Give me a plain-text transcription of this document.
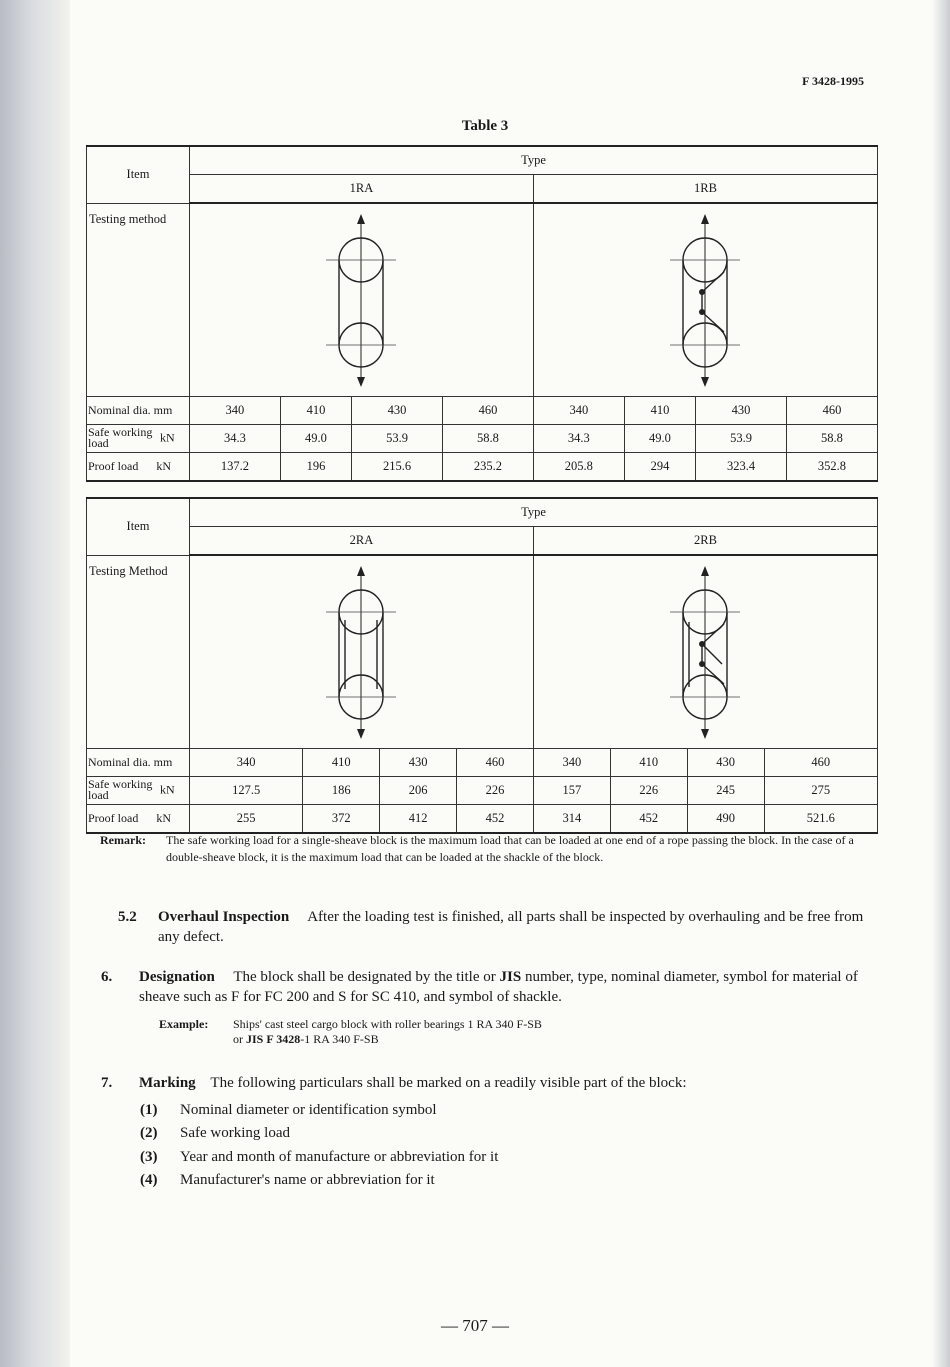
F 3428-1995
Table 3
Item	Type							
	1RA				1RB			
Testing method	

Nominal dia. mm	340	410	430	460	340	410	430	460
Safe working load kN	34.3	49.0	53.9	58.8	34.3	49.0	53.9	58.8
Proof load kN	137.2	196	215.6	235.2	205.8	294	323.4	352.8
Item	Type							
	2RA				2RB			
Testing Method	

Nominal dia. mm	340	410	430	460	340	410	430	460
Safe working load kN	127.5	186	206	226	157	226	245	275
Proof load kN	255	372	412	452	314	452	490	521.6
Remark: The safe working load for a single-sheave block is the maximum load that can be loaded at one end of a rope passing the block. In the case of a double-sheave block, it is the maximum load that can be loaded at the shackle of the block.
5.2	Overhaul Inspection After the loading test is finished, all parts shall be inspected by overhauling and be free from any defect.
6.	Designation The block shall be designated by the title or JIS number, type, nominal diameter, symbol for material of sheave such as F for FC 200 and S for SC 410, and symbol of shackle.
Example:	Ships' cast steel cargo block with roller bearings 1 RA 340 F-SB
or JIS F 3428-1 RA 340 F-SB
7.	Marking The following particulars shall be marked on a readily visible part of the block:
(1)	Nominal diameter or identification symbol
(2)	Safe working load
(3)	Year and month of manufacture or abbreviation for it
(4)	Manufacturer's name or abbreviation for it
— 707 —
